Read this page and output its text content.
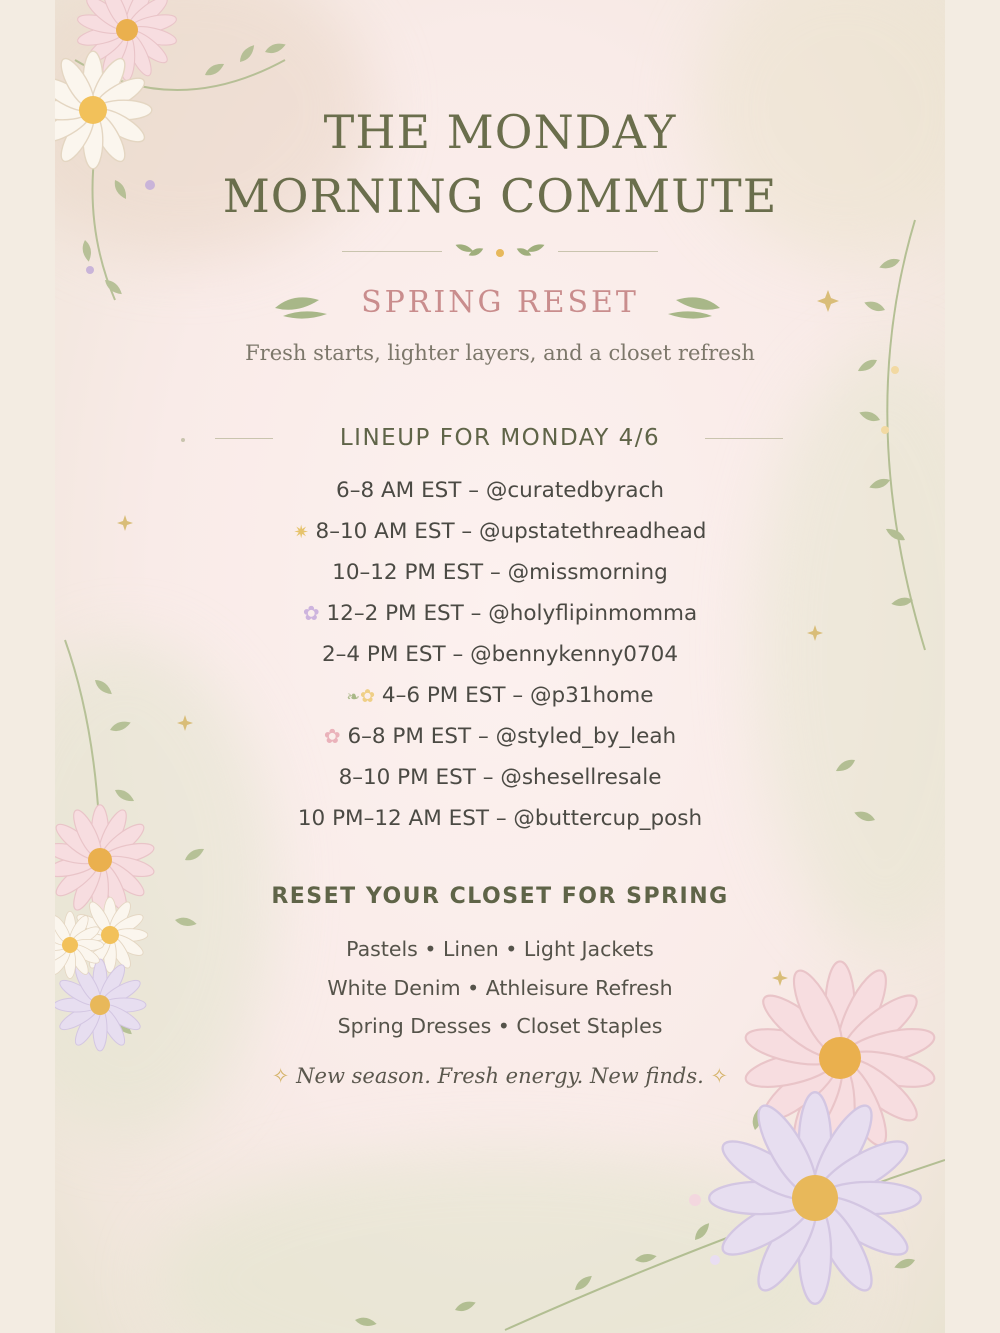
THE MONDAY
MORNING COMMUTE
SPRING RESET
Fresh starts, lighter layers, and a closet refresh
LINEUP FOR MONDAY 4/6
6–8 AM EST – @curatedbyrach
✷ 8–10 AM EST – @upstatethreadhead
10–12 PM EST – @missmorning
✿ 12–2 PM EST – @holyflipinmomma
2–4 PM EST – @bennykenny0704
❧✿ 4–6 PM EST – @p31home
✿ 6–8 PM EST – @styled_by_leah
8–10 PM EST – @shesellresale
10 PM–12 AM EST – @buttercup_posh
RESET YOUR CLOSET FOR SPRING
Pastels • Linen • Light Jackets
White Denim • Athleisure Refresh
Spring Dresses • Closet Staples
✧ New season. Fresh energy. New finds. ✧
